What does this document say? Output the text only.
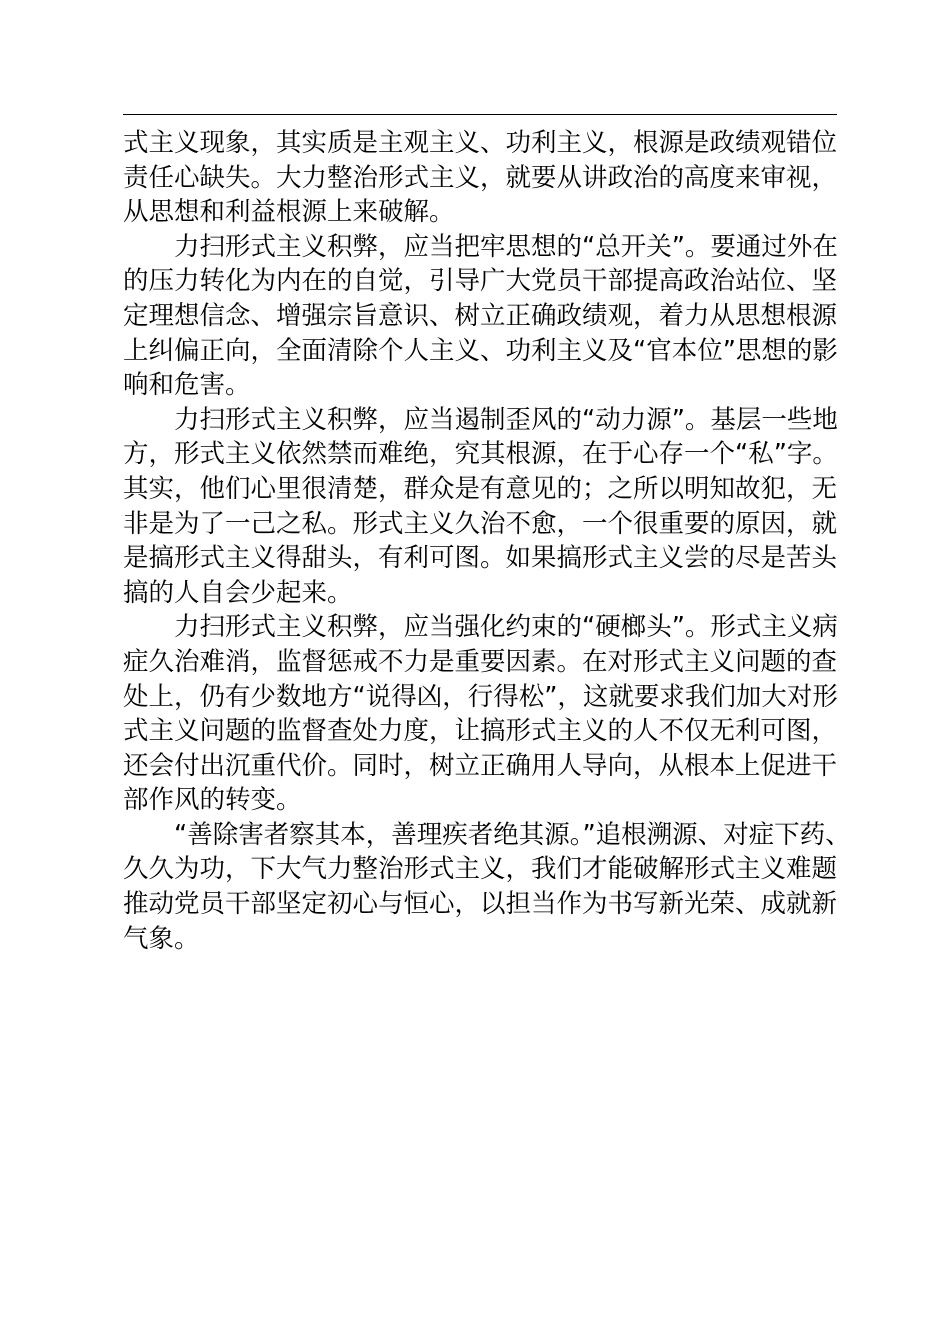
式主义现象，其实质是主观主义、功利主义，根源是政绩观错位
责任心缺失。大力整治形式主义，就要从讲政治的高度来审视，
从思想和利益根源上来破解。
力扫形式主义积弊，应当把牢思想的“总开关”。要通过外在
的压力转化为内在的自觉，引导广大党员干部提高政治站位、坚
定理想信念、增强宗旨意识、树立正确政绩观，着力从思想根源
上纠偏正向，全面清除个人主义、功利主义及“官本位”思想的影
响和危害。
力扫形式主义积弊，应当遏制歪风的“动力源”。基层一些地
方，形式主义依然禁而难绝，究其根源，在于心存一个“私”字。
其实，他们心里很清楚，群众是有意见的；之所以明知故犯，无
非是为了一己之私。形式主义久治不愈，一个很重要的原因，就
是搞形式主义得甜头，有利可图。如果搞形式主义尝的尽是苦头
搞的人自会少起来。
力扫形式主义积弊，应当强化约束的“硬榔头”。形式主义病
症久治难消，监督惩戒不力是重要因素。在对形式主义问题的查
处上，仍有少数地方“说得凶，行得松”，这就要求我们加大对形
式主义问题的监督查处力度，让搞形式主义的人不仅无利可图，
还会付出沉重代价。同时，树立正确用人导向，从根本上促进干
部作风的转变。
“善除害者察其本，善理疾者绝其源。”追根溯源、对症下药、
久久为功，下大气力整治形式主义，我们才能破解形式主义难题
推动党员干部坚定初心与恒心，以担当作为书写新光荣、成就新
气象。
